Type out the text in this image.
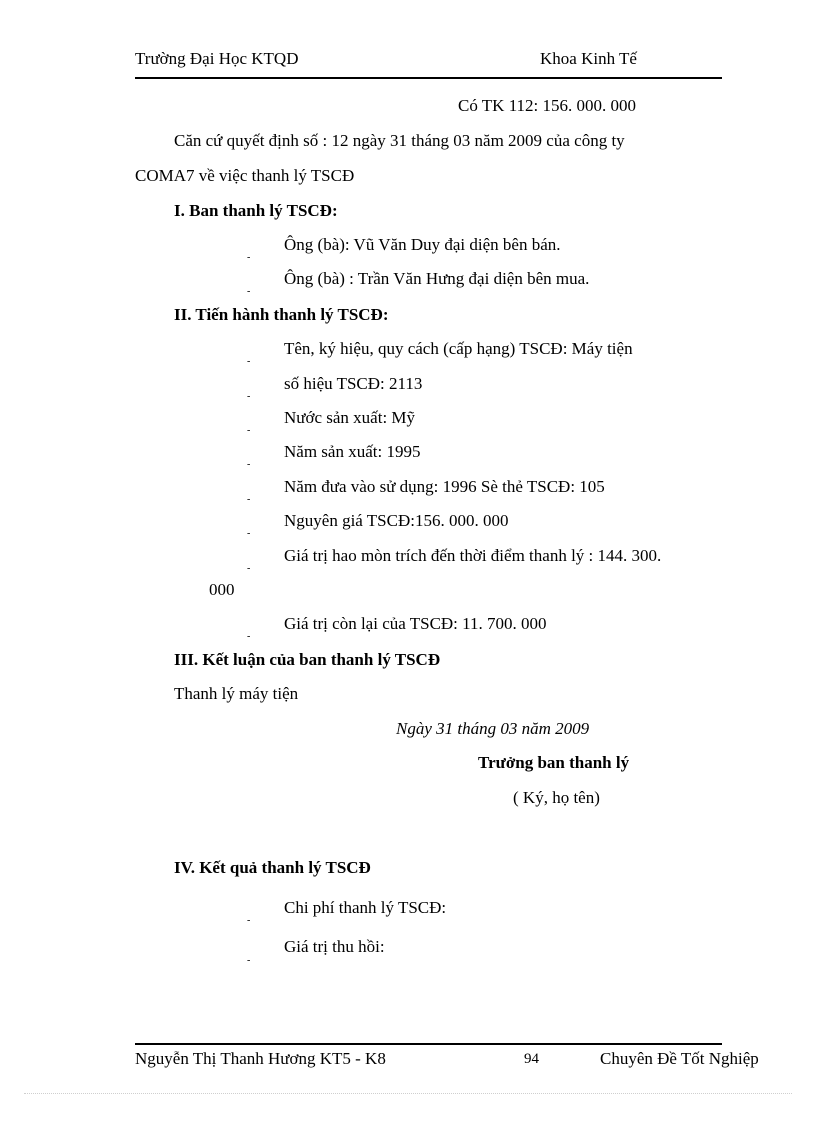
Trường Đại Học KTQD	Khoa Kinh Tế
Có TK 112: 156. 000. 000
Căn cứ quyết định số : 12 ngày 31 tháng 03 năm 2009 của công ty
COMA7 về việc thanh lý TSCĐ
I. Ban thanh lý TSCĐ:
Ông (bà): Vũ Văn Duy đại diện bên bán.
-
Ông (bà) : Trần Văn Hưng đại diện bên mua.
-
II. Tiến hành thanh lý TSCĐ:
Tên, ký hiệu, quy cách (cấp hạng) TSCĐ: Máy tiện
-
số hiệu TSCĐ: 2113
-
Nước sản xuất: Mỹ
-
Năm sản xuất: 1995
-
Năm đưa vào sử dụng: 1996 Sè thẻ TSCĐ: 105
-
Nguyên giá TSCĐ:156. 000. 000
-
Giá trị hao mòn trích đến thời điểm thanh lý : 144. 300.
-
000
Giá trị còn lại của TSCĐ: 11. 700. 000
-
III. Kết luận của ban thanh lý TSCĐ
Thanh lý máy tiện
Ngày 31 tháng 03 năm 2009
Trưởng ban thanh lý
( Ký, họ tên)
IV. Kết quả thanh lý TSCĐ
Chi phí thanh lý TSCĐ:
-
Giá trị thu hồi:
-
Nguyễn Thị Thanh Hương KT5 - K8	94	Chuyên Đề Tốt Nghiệp
